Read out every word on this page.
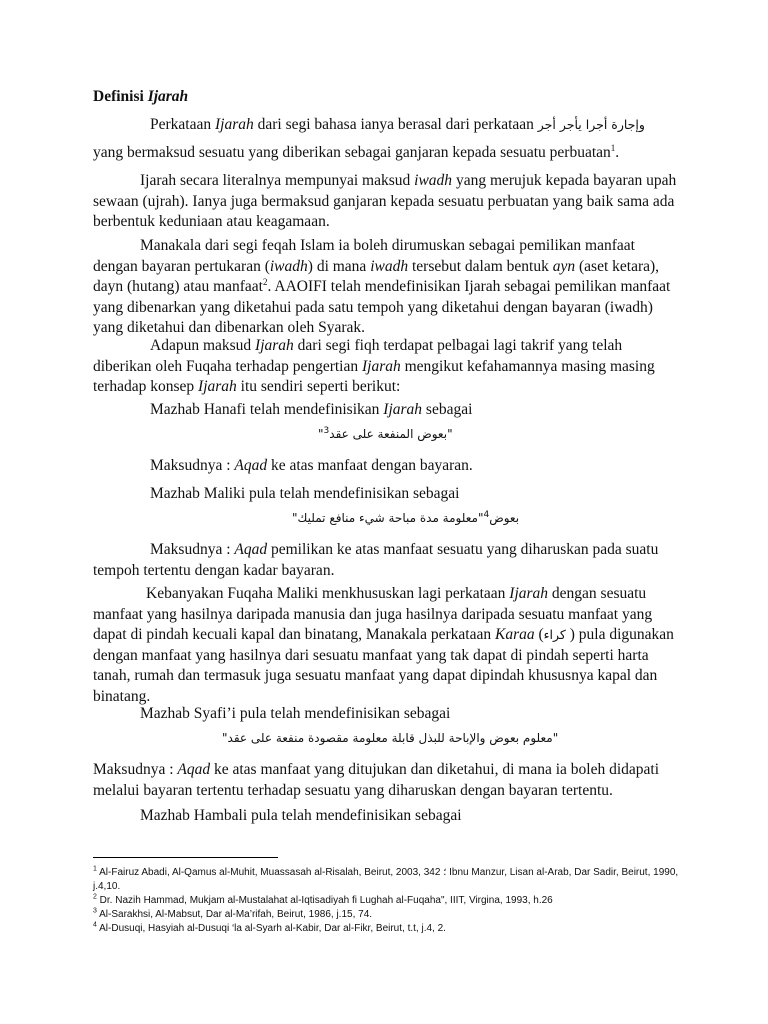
Definisi Ijarah

Perkataan Ijarah dari segi bahasa ianya berasal dari perkataan وإجارة أجرا يأجر أجر

yang bermaksud sesuatu yang diberikan sebagai ganjaran kepada sesuatu perbuatan$^1$.

Ijarah secara literalnya mempunyai maksud iwadh yang merujuk kepada bayaran upah sewaan (ujrah). Ianya juga bermaksud ganjaran kepada sesuatu perbuatan yang baik sama ada berbentuk keduniaan atau keagamaan.

Manakala dari segi feqah Islam ia boleh dirumuskan sebagai pemilikan manfaat dengan bayaran pertukaran (iwadh) di mana iwadh tersebut dalam bentuk ayn (aset ketara), dayn (hutang) atau manfaat$^2$. AAOIFI telah mendefinisikan Ijarah sebagai pemilikan manfaat yang dibenarkan yang diketahui pada satu tempoh yang diketahui dengan bayaran (iwadh) yang diketahui dan dibenarkan oleh Syarak.

Adapun maksud Ijarah dari segi fiqh terdapat pelbagai lagi takrif yang telah diberikan oleh Fuqaha terhadap pengertian Ijarah mengikut kefahamannya masing masing terhadap konsep Ijarah itu sendiri seperti berikut:

Mazhab Hanafi telah mendefinisikan Ijarah sebagai

"$^3$بعوض المنفعة على عقد"

Maksudnya : Aqad ke atas manfaat dengan bayaran.

Mazhab Maliki pula telah mendefinisikan sebagai

"معلومة مدة مباحة شيء منافع تمليك"$^4$بعوض

Maksudnya : Aqad pemilikan ke atas manfaat sesuatu yang diharuskan pada suatu tempoh tertentu dengan kadar bayaran.

Kebanyakan Fuqaha Maliki menkhususkan lagi perkataan Ijarah dengan sesuatu manfaat yang hasilnya daripada manusia dan juga hasilnya daripada sesuatu manfaat yang dapat di pindah kecuali kapal dan binatang, Manakala perkataan Karaa (كراء ) pula digunakan dengan manfaat yang hasilnya dari sesuatu manfaat yang tak dapat di pindah seperti harta tanah, rumah dan termasuk juga sesuatu manfaat yang dapat dipindah khususnya kapal dan binatang.

Mazhab Syafi’i pula telah mendefinisikan sebagai

"معلوم بعوض والإباحة للبذل قابلة معلومة مقصودة منفعة على عقد"

Maksudnya : Aqad ke atas manfaat yang ditujukan dan diketahui, di mana ia boleh didapati melalui bayaran tertentu terhadap sesuatu yang diharuskan dengan bayaran tertentu.

Mazhab Hambali pula telah mendefinisikan sebagai

$^1$ Al-Fairuz Abadi, Al-Qamus al-Muhit, Muassasah al-Risalah, Beirut, 2003, 342 ؛ Ibnu Manzur, Lisan al-Arab, Dar Sadir, Beirut, 1990, j.4,10.
$^2$ Dr. Nazih Hammad, Mukjam al-Mustalahat al-Iqtisadiyah fi Lughah al-Fuqaha", IIIT, Virgina, 1993, h.26
$^3$ Al-Sarakhsi, Al-Mabsut, Dar al-Ma’rifah, Beirut, 1986, j.15, 74.
$^4$ Al-Dusuqi, Hasyiah al-Dusuqi ‘la al-Syarh al-Kabir, Dar al-Fikr, Beirut, t.t, j.4, 2.
